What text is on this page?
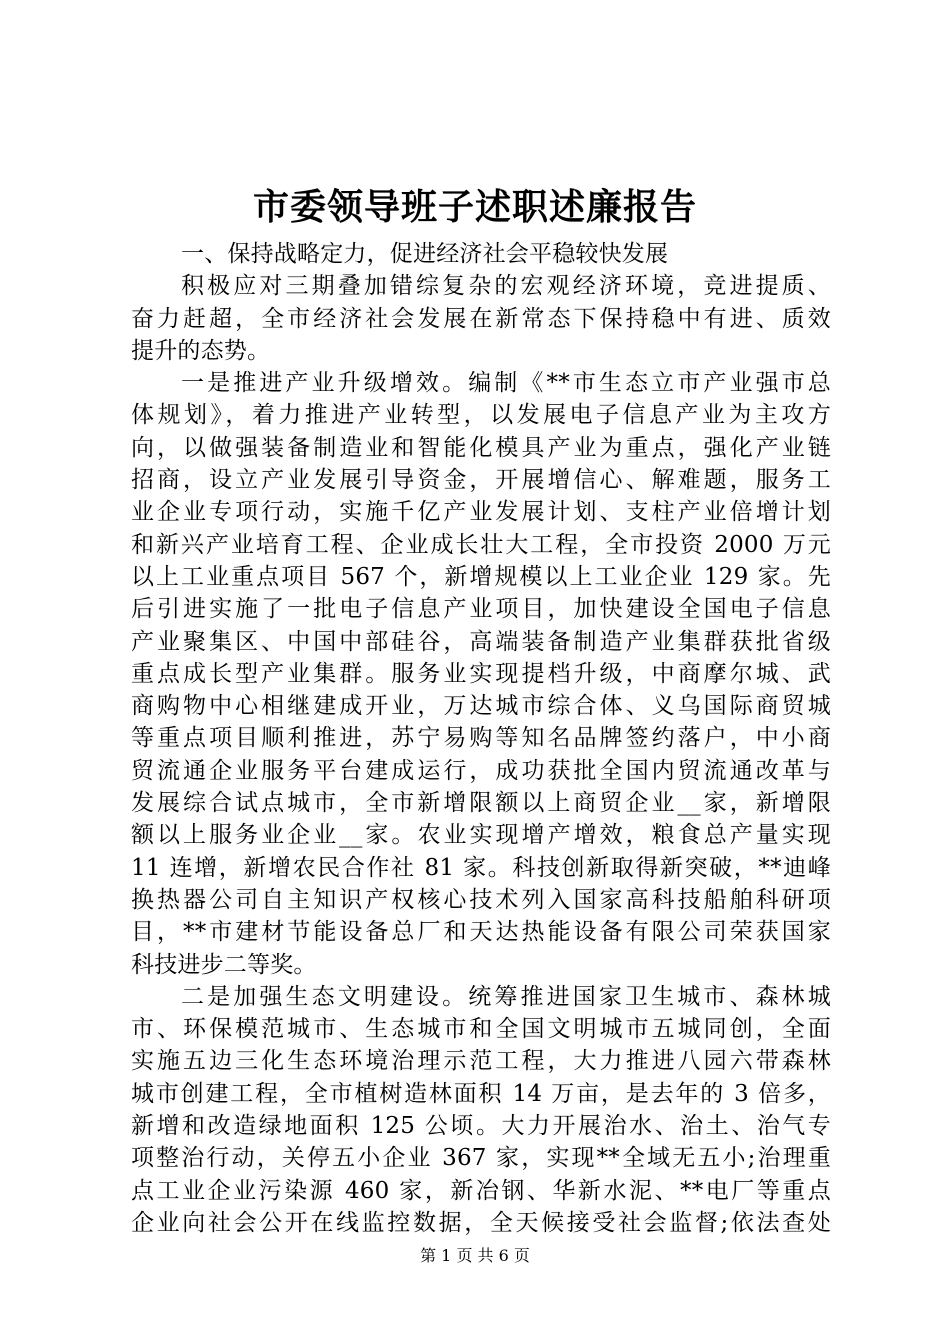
市委领导班子述职述廉报告
一、保持战略定力，促进经济社会平稳较快发展
积极应对三期叠加错综复杂的宏观经济环境，竞进提质、
奋力赶超，全市经济社会发展在新常态下保持稳中有进、质效
提升的态势。
一是推进产业升级增效。编制《**市生态立市产业强市总
体规划》，着力推进产业转型，以发展电子信息产业为主攻方
向，以做强装备制造业和智能化模具产业为重点，强化产业链
招商，设立产业发展引导资金，开展增信心、解难题，服务工
业企业专项行动，实施千亿产业发展计划、支柱产业倍增计划
和新兴产业培育工程、企业成长壮大工程，全市投资 2000 万元
以上工业重点项目 567 个，新增规模以上工业企业 129 家。先
后引进实施了一批电子信息产业项目，加快建设全国电子信息
产业聚集区、中国中部硅谷，高端装备制造产业集群获批省级
重点成长型产业集群。服务业实现提档升级，中商摩尔城、武
商购物中心相继建成开业，万达城市综合体、义乌国际商贸城
等重点项目顺利推进，苏宁易购等知名品牌签约落户，中小商
贸流通企业服务平台建成运行，成功获批全国内贸流通改革与
发展综合试点城市，全市新增限额以上商贸企业__家，新增限
额以上服务业企业__家。农业实现增产增效，粮食总产量实现
11 连增，新增农民合作社 81 家。科技创新取得新突破，**迪峰
换热器公司自主知识产权核心技术列入国家高科技船舶科研项
目，**市建材节能设备总厂和天达热能设备有限公司荣获国家
科技进步二等奖。
二是加强生态文明建设。统筹推进国家卫生城市、森林城
市、环保模范城市、生态城市和全国文明城市五城同创，全面
实施五边三化生态环境治理示范工程，大力推进八园六带森林
城市创建工程，全市植树造林面积 14 万亩，是去年的 3 倍多，
新增和改造绿地面积 125 公顷。大力开展治水、治土、治气专
项整治行动，关停五小企业 367 家，实现**全域无五小;治理重
点工业企业污染源 460 家，新冶钢、华新水泥、**电厂等重点
企业向社会公开在线监控数据，全天候接受社会监督;依法查处
第 1 页 共 6 页
